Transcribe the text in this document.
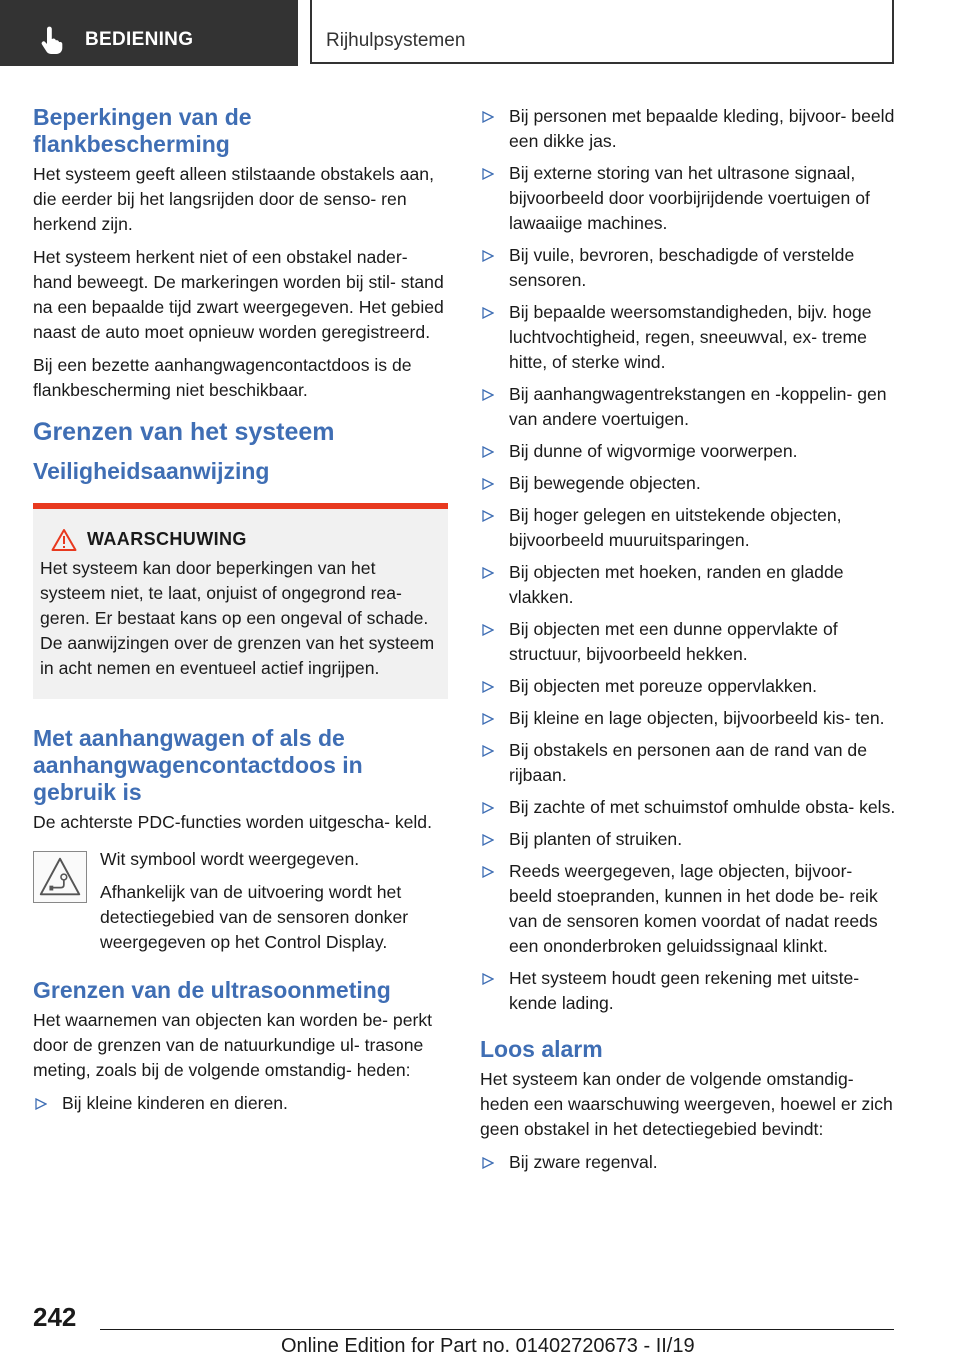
BEDIENING	Rijhulpsystemen
Beperkingen van de flankbescherming

Het systeem geeft alleen stilstaande obstakels aan, die eerder bij het langsrijden door de senso‐ ren herkend zijn.

Het systeem herkent niet of een obstakel nader‐ hand beweegt. De markeringen worden bij stil‐ stand na een bepaalde tijd zwart weergegeven. Het gebied naast de auto moet opnieuw worden geregistreerd.

Bij een bezette aanhangwagencontactdoos is de flankbescherming niet beschikbaar.

Grenzen van het systeem
Veiligheidsaanwijzing
WAARSCHUWING

Het systeem kan door beperkingen van het systeem niet, te laat, onjuist of ongegrond rea‐ geren. Er bestaat kans op een ongeval of schade. De aanwijzingen over de grenzen van het systeem in acht nemen en eventueel actief ingrijpen.

Met aanhangwagen of als de aanhangwagencontactdoos in gebruik is

De achterste PDC-functies worden uitgescha‐ keld.

Wit symbool wordt weergegeven.

Afhankelijk van de uitvoering wordt het detectiegebied van de sensoren donker weergegeven op het Control Display.

Grenzen van de ultrasoonmeting

Het waarnemen van objecten kan worden be‐ perkt door de grenzen van de natuurkundige ul‐ trasone meting, zoals bij de volgende omstandig‐ heden:

Bij kleine kinderen en dieren.
Bij personen met bepaalde kleding, bijvoor‐ beeld een dikke jas.
Bij externe storing van het ultrasone signaal, bijvoorbeeld door voorbijrijdende voertuigen of lawaaiige machines.
Bij vuile, bevroren, beschadigde of verstelde sensoren.
Bij bepaalde weersomstandigheden, bijv. hoge luchtvochtigheid, regen, sneeuwval, ex‐ treme hitte, of sterke wind.
Bij aanhangwagentrekstangen en -koppelin‐ gen van andere voertuigen.
Bij dunne of wigvormige voorwerpen.
Bij bewegende objecten.
Bij hoger gelegen en uitstekende objecten, bijvoorbeeld muuruitsparingen.
Bij objecten met hoeken, randen en gladde vlakken.
Bij objecten met een dunne oppervlakte of structuur, bijvoorbeeld hekken.
Bij objecten met poreuze oppervlakken.
Bij kleine en lage objecten, bijvoorbeeld kis‐ ten.
Bij obstakels en personen aan de rand van de rijbaan.
Bij zachte of met schuimstof omhulde obsta‐ kels.
Bij planten of struiken.
Reeds weergegeven, lage objecten, bijvoor‐ beeld stoepranden, kunnen in het dode be‐ reik van de sensoren komen voordat of nadat reeds een ononderbroken geluidssignaal klinkt.
Het systeem houdt geen rekening met uitste‐ kende lading.
Loos alarm

Het systeem kan onder de volgende omstandig‐ heden een waarschuwing weergeven, hoewel er zich geen obstakel in het detectiegebied bevindt:

Bij zware regenval.
242
Online Edition for Part no. 01402720673 - II/19
